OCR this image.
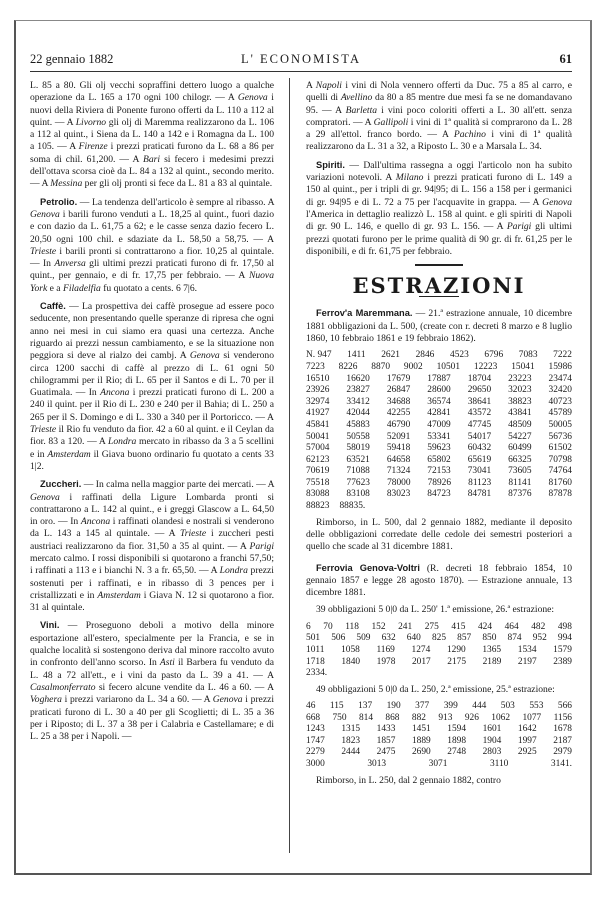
22 gennaio 1882	L' ECONOMISTA	61

L. 85 a 80. Gli olj vecchi sopraffini dettero luogo a qualche operazione da L. 165 a 170 ogni 100 chilogr. — A Genova i nuovi della Riviera di Ponente furono offerti da L. 110 a 112 al quint. — A Livorno gli olj di Maremma realizzarono da L. 106 a 112 al quint., i Siena da L. 140 a 142 e i Romagna da L. 100 a 105. — A Firenze i prezzi praticati furono da L. 68 a 86 per soma di chil. 61,200. — A Bari si fecero i medesimi prezzi dell'ottava scorsa cioè da L. 84 a 132 al quint., secondo merito. — A Messina per gli olj pronti si fece da L. 81 a 83 al quintale.

Petrolio. — La tendenza dell'articolo è sempre al ribasso. A Genova i barili furono venduti a L. 18,25 al quint., fuori dazio e con dazio da L. 61,75 a 62; e le casse senza dazio fecero L. 20,50 ogni 100 chil. e sdaziate da L. 58,50 a 58,75. — A Trieste i barili pronti si contrattarono a fior. 10,25 al quintale. — In Anversa gli ultimi prezzi praticati furono di fr. 17,50 al quint., per gennaio, e di fr. 17,75 per febbraio. — A Nuova York e a Filadelfia fu quotato a cents. 6 7|6.

Caffè. — La prospettiva dei caffè prosegue ad essere poco seducente, non presentando quelle speranze di ripresa che ogni anno nei mesi in cui siamo era quasi una certezza. Anche riguardo ai prezzi nessun cambiamento, e se la situazione non peggiora si deve al rialzo dei cambj. A Genova si venderono circa 1200 sacchi di caffè al prezzo di L. 61 ogni 50 chilogrammi per il Rio; di L. 65 per il Santos e di L. 70 per il Guatimala. — In Ancona i prezzi praticati furono di L. 200 a 240 il quint. per il Rio di L. 230 e 240 per il Bahia; di L. 250 a 265 per il S. Domingo e di L. 330 a 340 per il Portoricco. — A Trieste il Rio fu venduto da fior. 42 a 60 al quint. e il Ceylan da fior. 83 a 120. — A Londra mercato in ribasso da 3 a 5 scellini e in Amsterdam il Giava buono ordinario fu quotato a cents 33 1|2.

Zuccheri. — In calma nella maggior parte dei mercati. — A Genova i raffinati della Ligure Lombarda pronti si contrattarono a L. 142 al quint., e i greggi Glascow a L. 64,50 in oro. — In Ancona i raffinati olandesi e nostrali si venderono da L. 143 a 145 al quintale. — A Trieste i zuccheri pesti austriaci realizzarono da fior. 31,50 a 35 al quint. — A Parigi mercato calmo. I rossi disponibili si quotarono a franchi 57,50; i raffinati a 113 e i bianchi N. 3 a fr. 65,50. — A Londra prezzi sostenuti per i raffinati, e in ribasso di 3 pences per i cristallizzati e in Amsterdam i Giava N. 12 si quotarono a fior. 31 al quintale.

Vini. — Proseguono deboli a motivo della minore esportazione all'estero, specialmente per la Francia, e se in qualche località si sostengono deriva dal minore raccolto avuto in confronto dell'anno scorso. In Asti il Barbera fu venduto da L. 48 a 72 all'ett., e i vini da pasto da L. 39 a 41. — A Casalmonferrato si fecero alcune vendite da L. 46 a 60. — A Voghera i prezzi variarono da L. 34 a 60. — A Genova i prezzi praticati furono di L. 30 a 40 per gli Scoglietti; di L. 35 a 36 per i Riposto; di L. 37 a 38 per i Calabria e Castellamare; e di L. 25 a 38 per i Napoli. —

A Napoli i vini di Nola vennero offerti da Duc. 75 a 85 al carro, e quelli di Avellino da 80 a 85 mentre due mesi fa se ne domandavano 95. — A Barletta i vini poco coloriti offerti a L. 30 all'ett. senza compratori. — A Gallipoli i vini di 1ª qualità si comprarono da L. 28 a 29 all'ettol. franco bordo. — A Pachino i vini di 1ª qualità realizzarono da L. 31 a 32, a Riposto L. 30 e a Marsala L. 34.

Spiriti. — Dall'ultima rassegna a oggi l'articolo non ha subito variazioni notevoli. A Milano i prezzi praticati furono di L. 149 a 150 al quint., per i tripli di gr. 94|95; di L. 156 a 158 per i germanici di gr. 94|95 e di L. 72 a 75 per l'acquavite in grappa. — A Genova l'America in dettaglio realizzò L. 158 al quint. e gli spiriti di Napoli di gr. 90 L. 146, e quello di gr. 93 L. 156. — A Parigi gli ultimi prezzi quotati furono per le prime qualità di 90 gr. di fr. 61,25 per le disponibili, e di fr. 61,75 per febbraio.

ESTRAZIONI

Ferrov'a Maremmana. — 21.ª estrazione annuale, 10 dicembre 1881 obbligazioni da L. 500, (create con r. decreti 8 marzo e 8 luglio 1860, 10 febbraio 1861 e 19 febbraio 1862).

N. 947 1411 2621 2846 4523 6796 7083 7222
7223 8226 8870 9002 10501 12223 15041 15986
16510 16620 17679 17887 18704 23223 23474
23926 23827 26847 28600 29650 32023 32420
32974 33412 34688 36574 38641 38823 40723
41927 42044 42255 42841 43572 43841 45789
45841 45883 46790 47009 47745 48509 50005
50041 50558 52091 53341 54017 54227 56736
57004 58019 59418 59623 60432 60499 61502
62123 63521 64658 65802 65619 66325 70798
70619 71088 71324 72153 73041 73605 74764
75518 77623 78000 78926 81123 81141 81760
83088 83108 83023 84723 84781 87376 87878
88823 88835.

Rimborso, in L. 500, dal 2 gennaio 1882, mediante il deposito delle obbligazioni corredate delle cedole dei semestri posteriori a quello che scade al 31 dicembre 1881.

Ferrovia Genova-Voltri (R. decreti 18 febbraio 1854, 10 gennaio 1857 e legge 28 agosto 1870). — Estrazione annuale, 13 dicembre 1881.

39 obbligazioni 5 0|0 da L. 250' 1.ª emissione, 26.ª estrazione:

6 70 118 152 241 275 415 424 464 482 498
501 506 509 632 640 825 857 850 874 952 994
1011 1058 1169 1274 1290 1365 1534 1579
1718 1840 1978 2017 2175 2189 2197 2389
2334.

49 obbligazioni 5 0|0 da L. 250, 2.ª emissione, 25.ª estrazione:

46 115 137 190 377 399 444 503 553 566
668 750 814 868 882 913 926 1062 1077 1156
1243 1315 1433 1451 1594 1601 1642 1678
1747 1823 1857 1889 1898 1904 1997 2187
2279 2444 2475 2690 2748 2803 2925 2979
3000	3013	3071	3110	3141.

Rimborso, in L. 250, dal 2 gennaio 1882, contro
